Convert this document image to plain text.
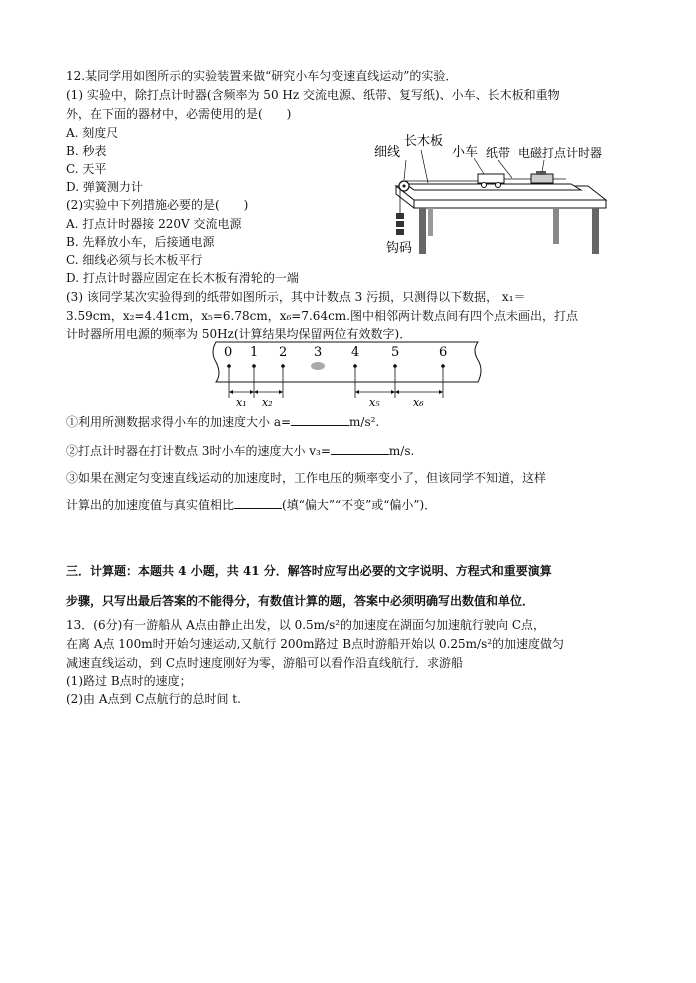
12.某同学用如图所示的实验装置来做“研究小车匀变速直线运动”的实验．
(1) 实验中，除打点计时器(含频率为 50 Hz 交流电源、纸带、复写纸)、小车、长木板和重物
外，在下面的器材中，必需使用的是(　　)
A. 刻度尺
B. 秒表
C. 天平
D. 弹簧测力计
(2)实验中下列措施必要的是(　　)
A. 打点计时器接 220V 交流电源
B. 先释放小车，后接通电源
C. 细线必须与长木板平行
D. 打点计时器应固定在长木板有滑轮的一端
(3) 该同学某次实验得到的纸带如图所示，其中计数点 3 污损，只测得以下数据， x₁＝
3.59cm，x₂=4.41cm，x₅=6.78cm，x₆=7.64cm.图中相邻两计数点间有四个点未画出，打点
计时器所用电源的频率为 50Hz(计算结果均保留两位有效数字)．
长木板
细线	小车 纸带 电磁打点计时器
钩码
0 1 2 3 4 5	6
x₁ x₂	x₅	x₆
①利用所测数据求得小车的加速度大小 a=	m/s².
②打点计时器在打计数点 3时小车的速度大小 v₃=	m/s.
③如果在测定匀变速直线运动的加速度时，工作电压的频率变小了，但该同学不知道，这样
计算出的加速度值与真实值相比	(填“偏大”“不变”或“偏小”)．
三．计算题：本题共 4 小题，共 41 分．解答时应写出必要的文字说明、方程式和重要演算
步骤，只写出最后答案的不能得分，有数值计算的题，答案中必须明确写出数值和单位．
13．(6分)有一游船从 A点由静止出发，以 0.5m/s²的加速度在湖面匀加速航行驶向 C点，
在离 A点 100m时开始匀速运动,又航行 200m路过 B点时游船开始以 0.25m/s²的加速度做匀
减速直线运动，到 C点时速度刚好为零，游船可以看作沿直线航行．求游船
(1)路过 B点时的速度；
(2)由 A点到 C点航行的总时间 t.
